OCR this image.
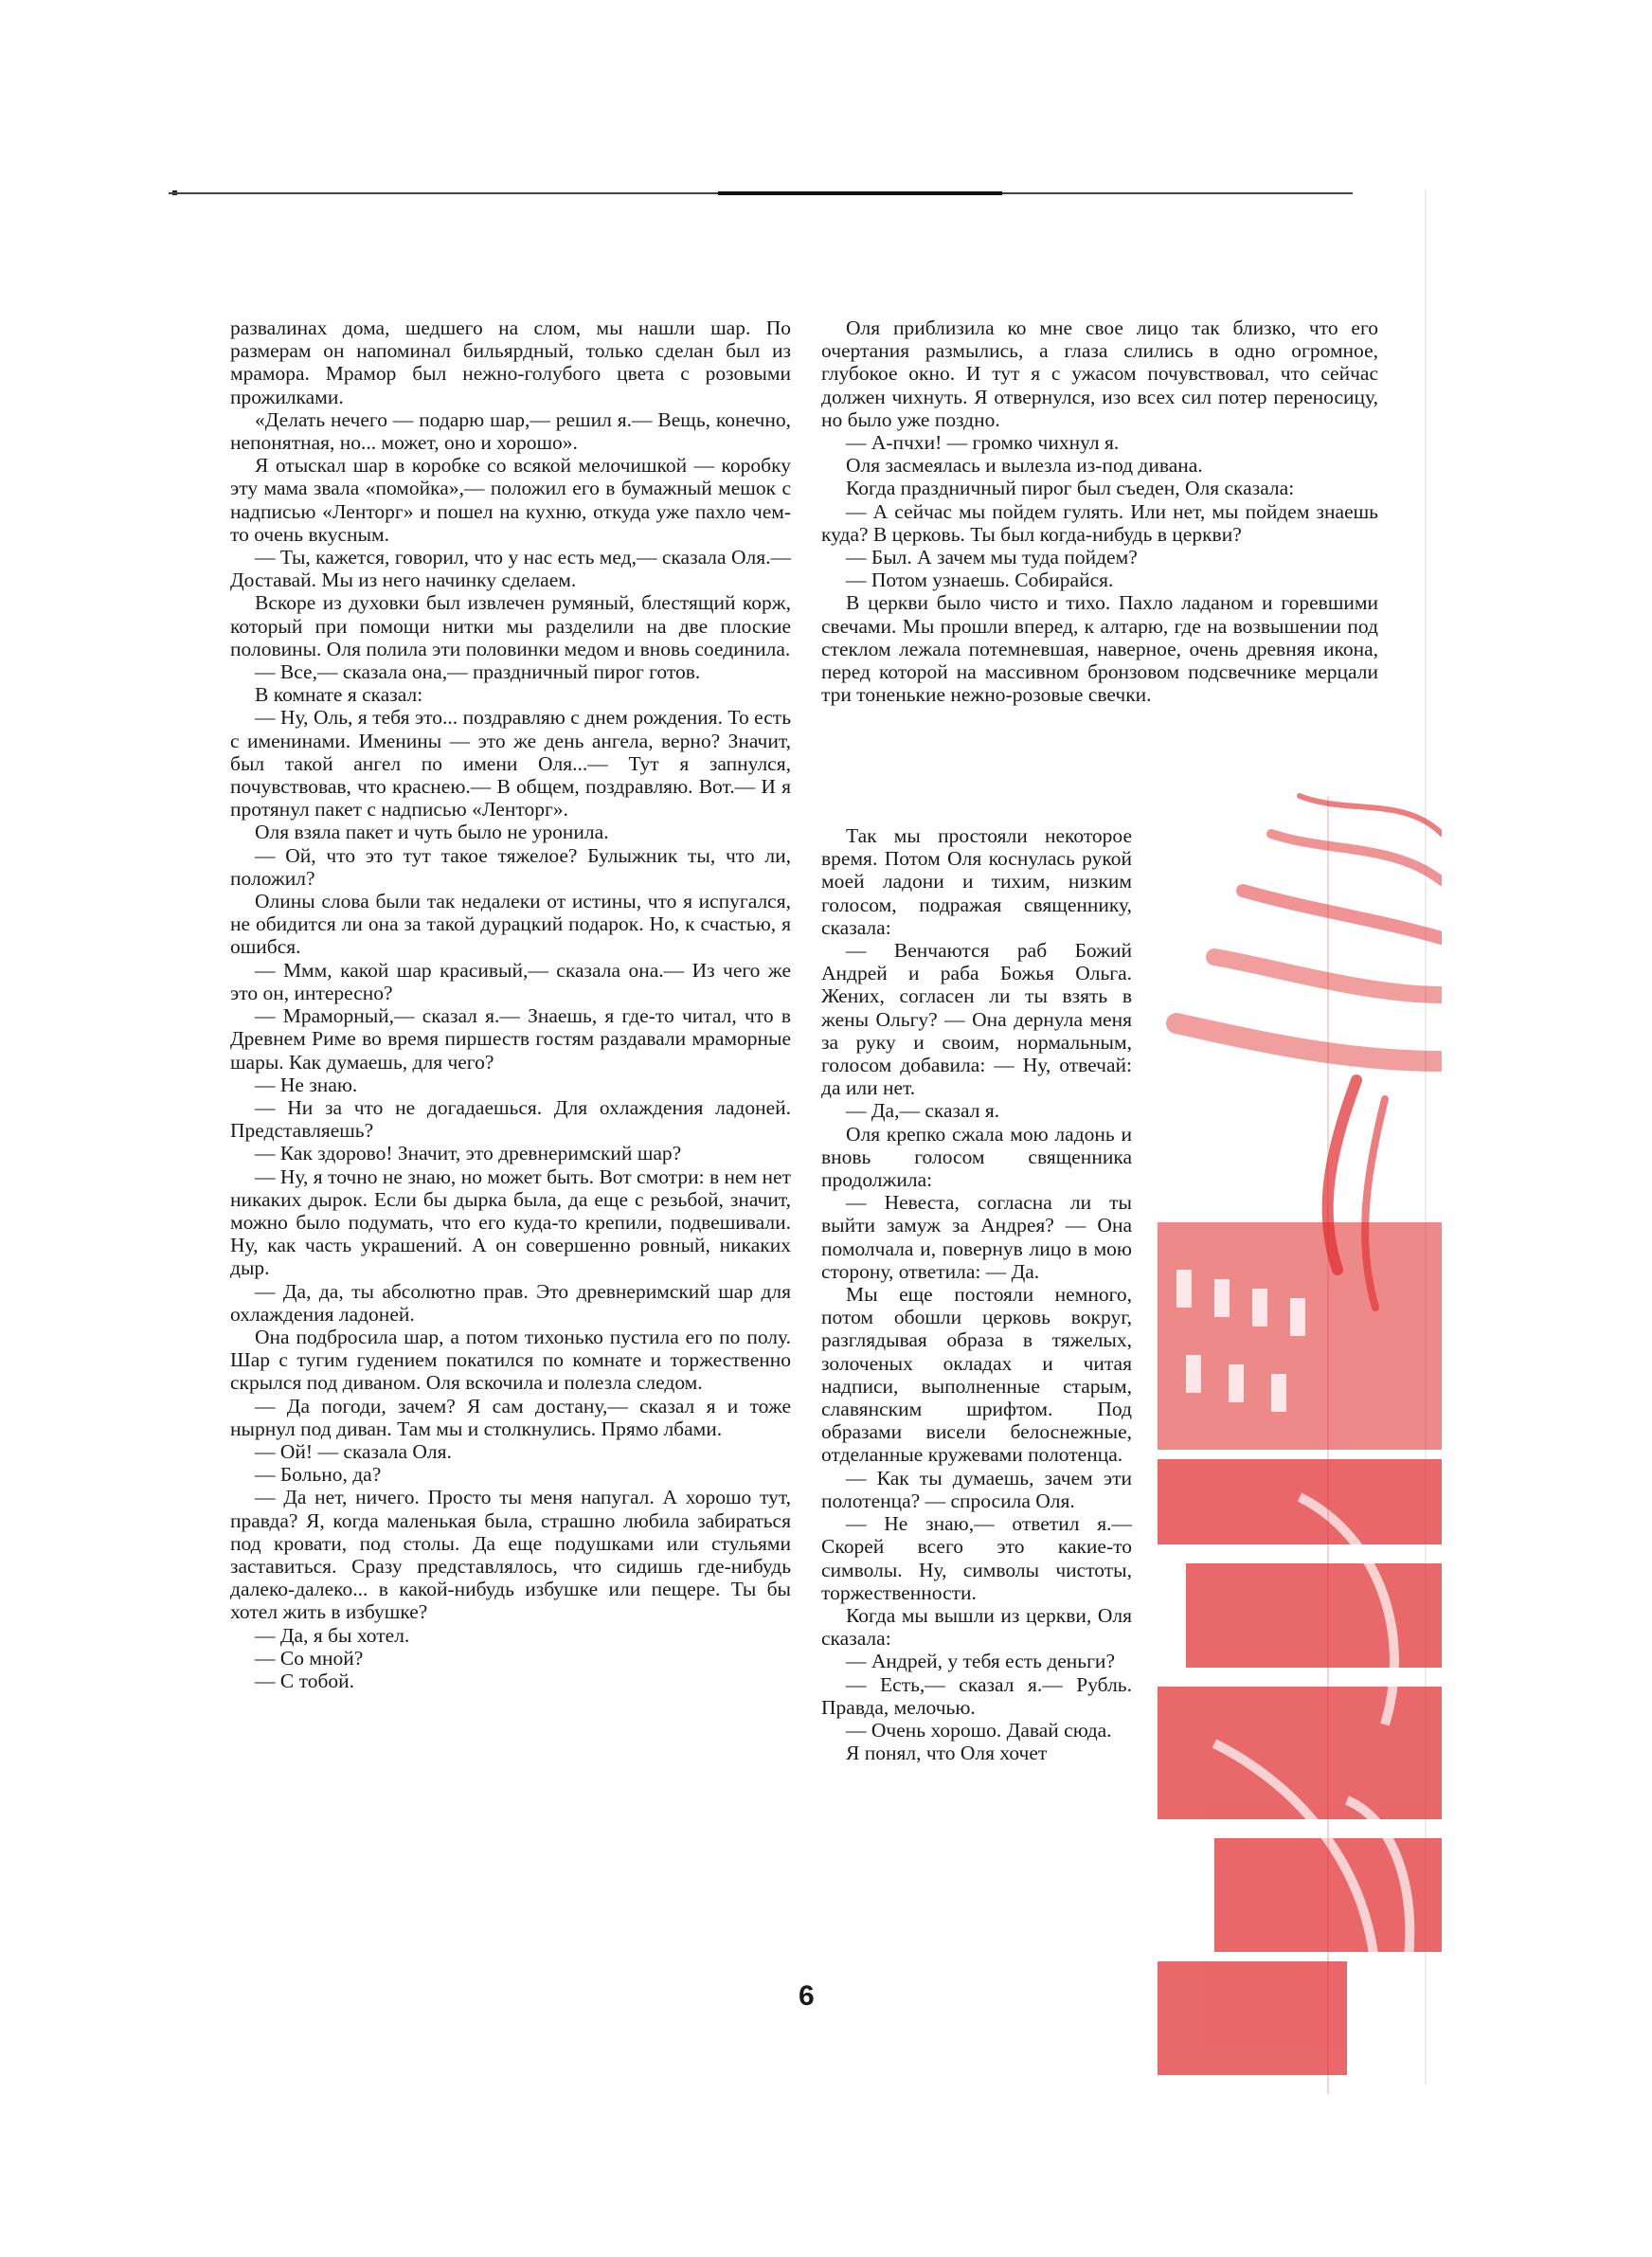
развалинах дома, шедшего на слом, мы нашли шар. По размерам он напоминал бильярдный, только сделан был из мрамора. Мрамор был нежно-голубого цвета с розовыми прожилками.

«Делать нечего — подарю шар,— решил я.— Вещь, конечно, непонятная, но... может, оно и хорошо».

Я отыскал шар в коробке со всякой мелочишкой — коробку эту мама звала «помойка»,— положил его в бумажный мешок с надписью «Ленторг» и пошел на кухню, откуда уже пахло чем-то очень вкусным.

— Ты, кажется, говорил, что у нас есть мед,— сказала Оля.— Доставай. Мы из него начинку сделаем.

Вскоре из духовки был извлечен румяный, блестящий корж, который при помощи нитки мы разделили на две плоские половины. Оля полила эти половинки медом и вновь соединила.

— Все,— сказала она,— праздничный пирог готов.

В комнате я сказал:

— Ну, Оль, я тебя это... поздравляю с днем рождения. То есть с именинами. Именины — это же день ангела, верно? Значит, был такой ангел по имени Оля...— Тут я запнулся, почувствовав, что краснею.— В общем, поздравляю. Вот.— И я протянул пакет с надписью «Ленторг».

Оля взяла пакет и чуть было не уронила.

— Ой, что это тут такое тяжелое? Булыжник ты, что ли, положил?

Олины слова были так недалеки от истины, что я испугался, не обидится ли она за такой дурацкий подарок. Но, к счастью, я ошибся.

— Ммм, какой шар красивый,— сказала она.— Из чего же это он, интересно?

— Мраморный,— сказал я.— Знаешь, я где-то читал, что в Древнем Риме во время пиршеств гостям раздавали мраморные шары. Как думаешь, для чего?

— Не знаю.

— Ни за что не догадаешься. Для охлаждения ладоней. Представляешь?

— Как здорово! Значит, это древнеримский шар?

— Ну, я точно не знаю, но может быть. Вот смотри: в нем нет никаких дырок. Если бы дырка была, да еще с резьбой, значит, можно было подумать, что его куда-то крепили, подвешивали. Ну, как часть украшений. А он совершенно ровный, никаких дыр.

— Да, да, ты абсолютно прав. Это древнеримский шар для охлаждения ладоней.

Она подбросила шар, а потом тихонько пустила его по полу. Шар с тугим гудением покатился по комнате и торжественно скрылся под диваном. Оля вскочила и полезла следом.

— Да погоди, зачем? Я сам достану,— сказал я и тоже нырнул под диван. Там мы и столкнулись. Прямо лбами.

— Ой! — сказала Оля.

— Больно, да?

— Да нет, ничего. Просто ты меня напугал. А хорошо тут, правда? Я, когда маленькая была, страшно любила забираться под кровати, под столы. Да еще подушками или стульями заставиться. Сразу представлялось, что сидишь где-нибудь далеко-далеко... в какой-нибудь избушке или пещере. Ты бы хотел жить в избушке?

— Да, я бы хотел.

— Со мной?

— С тобой.

Оля приблизила ко мне свое лицо так близко, что его очертания размылись, а глаза слились в одно огромное, глубокое окно. И тут я с ужасом почувствовал, что сейчас должен чихнуть. Я отвернулся, изо всех сил потер переносицу, но было уже поздно.

— А-пчхи! — громко чихнул я.

Оля засмеялась и вылезла из-под дивана.

Когда праздничный пирог был съеден, Оля сказала:

— А сейчас мы пойдем гулять. Или нет, мы пойдем знаешь куда? В церковь. Ты был когда-нибудь в церкви?

— Был. А зачем мы туда пойдем?

— Потом узнаешь. Собирайся.

В церкви было чисто и тихо. Пахло ладаном и горевшими свечами. Мы прошли вперед, к алтарю, где на возвышении под стеклом лежала потемневшая, наверное, очень древняя икона, перед которой на массивном бронзовом подсвечнике мерцали три тоненькие нежно-розовые свечки.

Так мы простояли некоторое время. Потом Оля коснулась рукой моей ладони и тихим, низким голосом, подражая священнику, сказала:

— Венчаются раб Божий Андрей и раба Божья Ольга. Жених, согласен ли ты взять в жены Ольгу? — Она дернула меня за руку и своим, нормальным, голосом добавила: — Ну, отвечай: да или нет.

— Да,— сказал я.

Оля крепко сжала мою ладонь и вновь голосом священника продолжила:

— Невеста, согласна ли ты выйти замуж за Андрея? — Она помолчала и, повернув лицо в мою сторону, ответила: — Да.

Мы еще постояли немного, потом обошли церковь вокруг, разглядывая образа в тяжелых, золоченых окладах и читая надписи, выполненные старым, славянским шрифтом. Под образами висели белоснежные, отделанные кружевами полотенца.

— Как ты думаешь, зачем эти полотенца? — спросила Оля.

— Не знаю,— ответил я.— Скорей всего это какие-то символы. Ну, символы чистоты, торжественности.

Когда мы вышли из церкви, Оля сказала:

— Андрей, у тебя есть деньги?

— Есть,— сказал я.— Рубль. Правда, мелочью.

— Очень хорошо. Давай сюда.

Я понял, что Оля хочет

6
